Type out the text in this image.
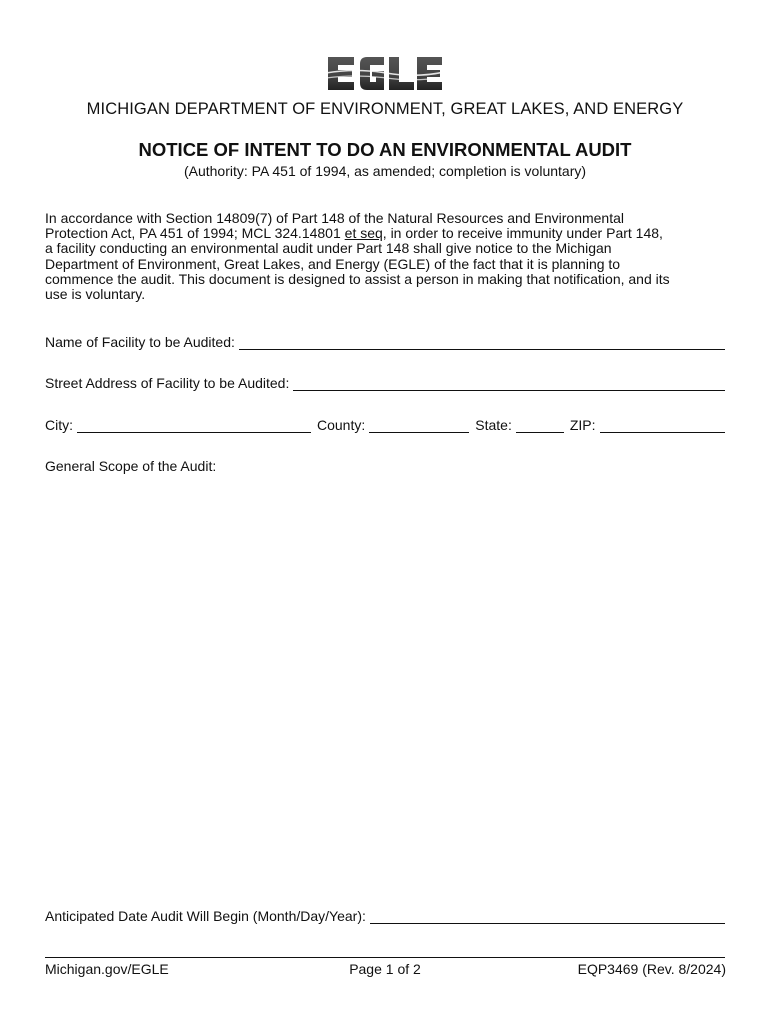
MICHIGAN DEPARTMENT OF ENVIRONMENT, GREAT LAKES, AND ENERGY
NOTICE OF INTENT TO DO AN ENVIRONMENTAL AUDIT
(Authority: PA 451 of 1994, as amended; completion is voluntary)
In accordance with Section 14809(7) of Part 148 of the Natural Resources and Environmental
Protection Act, PA 451 of 1994; MCL 324.14801 et seq, in order to receive immunity under Part 148,
a facility conducting an environmental audit under Part 148 shall give notice to the Michigan
Department of Environment, Great Lakes, and Energy (EGLE) of the fact that it is planning to
commence the audit. This document is designed to assist a person in making that notification, and its
use is voluntary.
Name of Facility to be Audited:
Street Address of Facility to be Audited:
City:	County:	State:	ZIP:
General Scope of the Audit:
Anticipated Date Audit Will Begin (Month/Day/Year):
Page 1 of 2
Michigan.gov/EGLE	EQP3469 (Rev. 8/2024)
